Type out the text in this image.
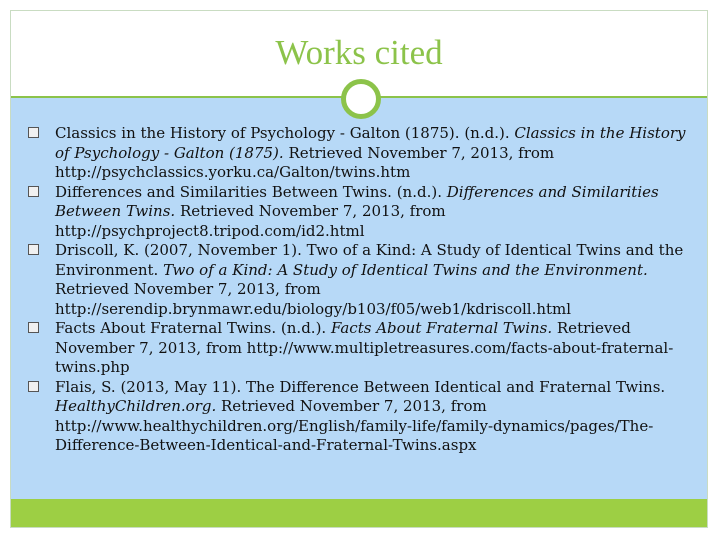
Works cited
Classics in the History of Psychology - Galton (1875). (n.d.). Classics in the History of Psychology - Galton (1875). Retrieved November 7, 2013, from http://psychclassics.yorku.ca/Galton/twins.htm
Differences and Similarities Between Twins. (n.d.). Differences and Similarities Between Twins. Retrieved November 7, 2013, from http://psychproject8.tripod.com/id2.html
Driscoll, K. (2007, November 1). Two of a Kind: A Study of Identical Twins and the Environment. Two of a Kind: A Study of Identical Twins and the Environment. Retrieved November 7, 2013, from http://serendip.brynmawr.edu/biology/b103/f05/web1/kdriscoll.html
Facts About Fraternal Twins. (n.d.). Facts About Fraternal Twins. Retrieved November 7, 2013, from http://www.multipletreasures.com/facts-about-fraternal-twins.php
Flais, S. (2013, May 11). The Difference Between Identical and Fraternal Twins. HealthyChildren.org. Retrieved November 7, 2013, from http://www.healthychildren.org/English/family-life/family-dynamics/pages/The-Difference-Between-Identical-and-Fraternal-Twins.aspx
